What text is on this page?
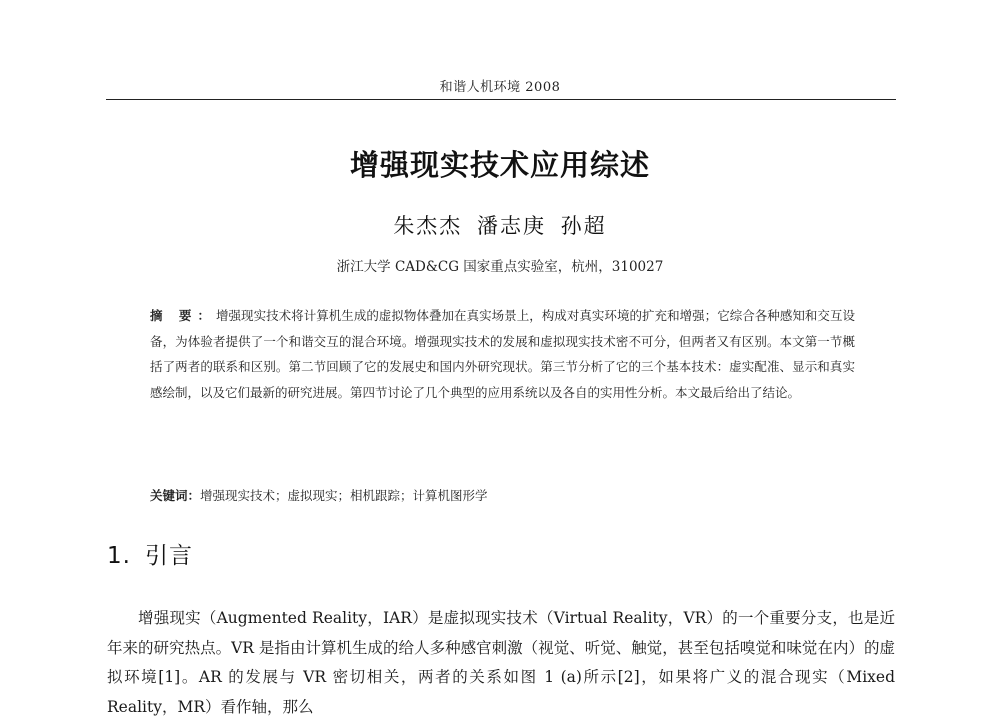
和谐人机环境 2008
增强现实技术应用综述
朱杰杰 潘志庚 孙超
浙江大学 CAD&CG 国家重点实验室，杭州，310027
摘 要：增强现实技术将计算机生成的虚拟物体叠加在真实场景上，构成对真实环境的扩充和增强；它综合各种感知和交互设备，为体验者提供了一个和谐交互的混合环境。增强现实技术的发展和虚拟现实技术密不可分，但两者又有区别。本文第一节概括了两者的联系和区别。第二节回顾了它的发展史和国内外研究现状。第三节分析了它的三个基本技术：虚实配准、显示和真实感绘制，以及它们最新的研究进展。第四节讨论了几个典型的应用系统以及各自的实用性分析。本文最后给出了结论。
关键词：增强现实技术；虚拟现实；相机跟踪；计算机图形学
1. 引言
增强现实（Augmented Reality，IAR）是虚拟现实技术（Virtual Reality，VR）的一个重要分支，也是近年来的研究热点。VR 是指由计算机生成的给人多种感官刺激（视觉、听觉、触觉，甚至包括嗅觉和味觉在内）的虚拟环境[1]。AR 的发展与 VR 密切相关，两者的关系如图 1 (a)所示[2]，如果将广义的混合现实（Mixed Reality，MR）看作轴，那么
